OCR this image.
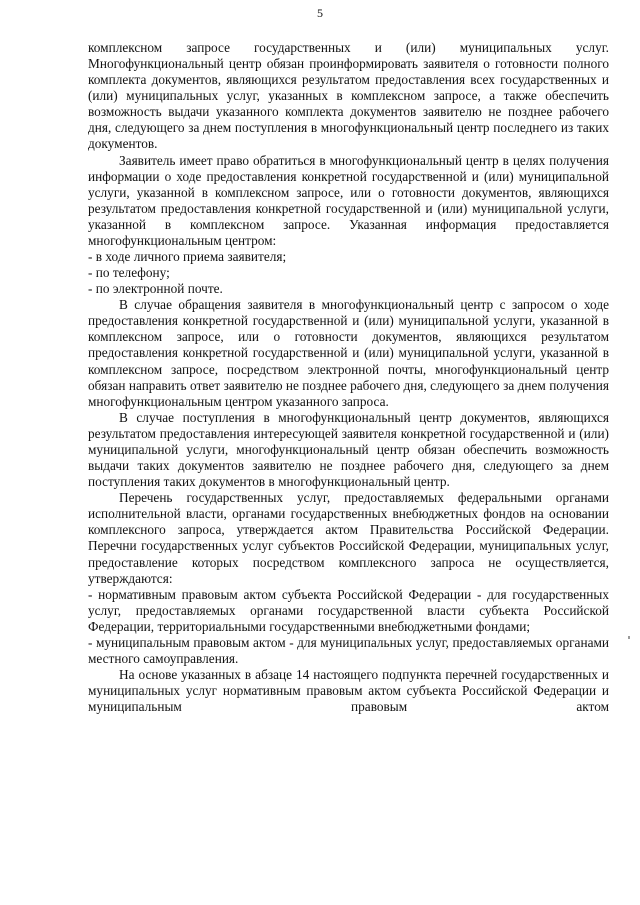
5

комплексном запросе государственных и (или) муниципальных услуг. Многофункциональный центр обязан проинформировать заявителя о готовности полного комплекта документов, являющихся результатом предоставления всех государственных и (или) муниципальных услуг, указанных в комплексном запросе, а также обеспечить возможность выдачи указанного комплекта документов заявителю не позднее рабочего дня, следующего за днем поступления в многофункциональный центр последнего из таких документов.

Заявитель имеет право обратиться в многофункциональный центр в целях получения информации о ходе предоставления конкретной государственной и (или) муниципальной услуги, указанной в комплексном запросе, или о готовности документов, являющихся результатом предоставления конкретной государственной и (или) муниципальной услуги, указанной в комплексном запросе. Указанная информация предоставляется многофункциональным центром:

- в ходе личного приема заявителя;

- по телефону;

- по электронной почте.

В случае обращения заявителя в многофункциональный центр с запросом о ходе предоставления конкретной государственной и (или) муниципальной услуги, указанной в комплексном запросе, или о готовности документов, являющихся результатом предоставления конкретной государственной и (или) муниципальной услуги, указанной в комплексном запросе, посредством электронной почты, многофункциональный центр обязан направить ответ заявителю не позднее рабочего дня, следующего за днем получения многофункциональным центром указанного запроса.

В случае поступления в многофункциональный центр документов, являющихся результатом предоставления интересующей заявителя конкретной государственной и (или) муниципальной услуги, многофункциональный центр обязан обеспечить возможность выдачи таких документов заявителю не позднее рабочего дня, следующего за днем поступления таких документов в многофункциональный центр.

Перечень государственных услуг, предоставляемых федеральными органами исполнительной власти, органами государственных внебюджетных фондов на основании комплексного запроса, утверждается актом Правительства Российской Федерации. Перечни государственных услуг субъектов Российской Федерации, муниципальных услуг, предоставление которых посредством комплексного запроса не осуществляется, утверждаются:

- нормативным правовым актом субъекта Российской Федерации - для государственных услуг, предоставляемых органами государственной власти субъекта Российской Федерации, территориальными государственными внебюджетными фондами;

- муниципальным правовым актом - для муниципальных услуг, предоставляемых органами местного самоуправления.

На основе указанных в абзаце 14 настоящего подпункта перечней государственных и муниципальных услуг нормативным правовым актом субъекта Российской Федерации и муниципальным правовым актом
